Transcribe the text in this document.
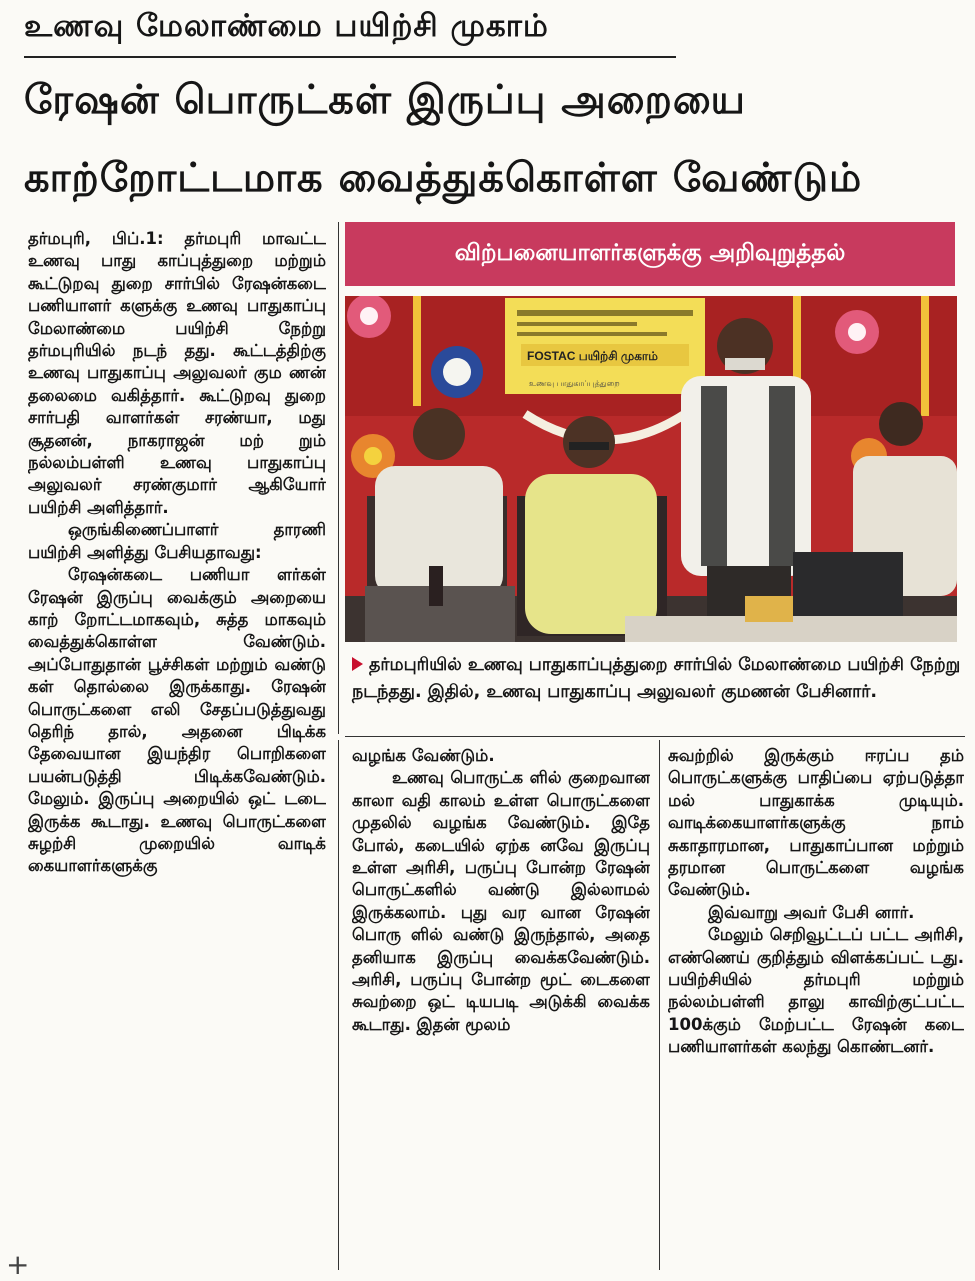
உணவு மேலாண்மை பயிற்சி முகாம்
ரேஷன் பொருட்கள் இருப்பு அறையை
காற்றோட்டமாக வைத்துக்கொள்ள வேண்டும்
விற்பனையாளர்களுக்கு அறிவுறுத்தல்
FOSTAC பயிற்சி முகாம்
உணவு பாதுகாப்புத்துறை
தர்மபுரியில் உணவு பாதுகாப்புத்துறை சார்பில் மேலாண்மை பயிற்சி நேற்று நடந்தது. இதில், உணவு பாதுகாப்பு அலுவலர் குமணன் பேசினார்.

தர்மபுரி, பிப்.1: தர்மபுரி மாவட்ட உணவு பாது காப்புத்துறை மற்றும் கூட்டுறவு துறை சார்பில் ரேஷன்கடை பணியாளர் களுக்கு உணவு பாதுகாப்பு மேலாண்மை பயிற்சி நேற்று தர்மபுரியில் நடந் தது. கூட்டத்திற்கு உணவு பாதுகாப்பு அலுவலர் கும ணன் தலைமை வகித்தார். கூட்டுறவு துறை சார்பதி வாளர்கள் சரண்யா, மது சூதனன், நாகராஜன் மற் றும் நல்லம்பள்ளி உணவு பாதுகாப்பு அலுவலர் சரண்குமார் ஆகியோர் பயிற்சி அளித்தார்.

ஒருங்கிணைப்பாளர் தாரணி பயிற்சி அளித்து பேசியதாவது:

ரேஷன்கடை பணியா ளர்கள் ரேஷன் இருப்பு வைக்கும் அறையை காற் றோட்டமாகவும், சுத்த மாகவும் வைத்துக்கொள்ள வேண்டும். அப்போதுதான் பூச்சிகள் மற்றும் வண்டு கள் தொல்லை இருக்காது. ரேஷன் பொருட்களை எலி சேதப்படுத்துவது தெரிந் தால், அதனை பிடிக்க தேவையான இயந்திர பொறிகளை பயன்படுத்தி பிடிக்கவேண்டும். மேலும். இருப்பு அறையில் ஒட் டடை இருக்க கூடாது. உணவு பொருட்களை சுழற்சி முறையில் வாடிக் கையாளர்களுக்கு

வழங்க வேண்டும்.

உணவு பொருட்க ளில் குறைவான காலா வதி காலம் உள்ள பொருட்களை முதலில் வழங்க வேண்டும். இதே போல், கடையில் ஏற்க னவே இருப்பு உள்ள அரிசி, பருப்பு போன்ற ரேஷன் பொருட்களில் வண்டு இல்லாமல் இருக்கலாம். புது வர வான ரேஷன் பொரு ளில் வண்டு இருந்தால், அதை தனியாக இருப்பு வைக்கவேண்டும். அரிசி, பருப்பு போன்ற மூட் டைகளை சுவற்றை ஒட் டியபடி அடுக்கி வைக்க கூடாது. இதன் மூலம்

சுவற்றில் இருக்கும் ஈரப்ப தம் பொருட்களுக்கு பாதிப்பை ஏற்படுத்தா மல் பாதுகாக்க முடியும். வாடிக்கையாளர்களுக்கு நாம் சுகாதாரமான, பாதுகாப்பான மற்றும் தரமான பொருட்களை வழங்க வேண்டும்.

இவ்வாறு அவர் பேசி னார்.

மேலும் செறிவூட்டப் பட்ட அரிசி, எண்ணெய் குறித்தும் விளக்கப்பட் டது. பயிற்சியில் தர்மபுரி மற்றும் நல்லம்பள்ளி தாலு காவிற்குட்பட்ட 100க்கும் மேற்பட்ட ரேஷன் கடை பணியாளர்கள் கலந்து கொண்டனர்.

+
